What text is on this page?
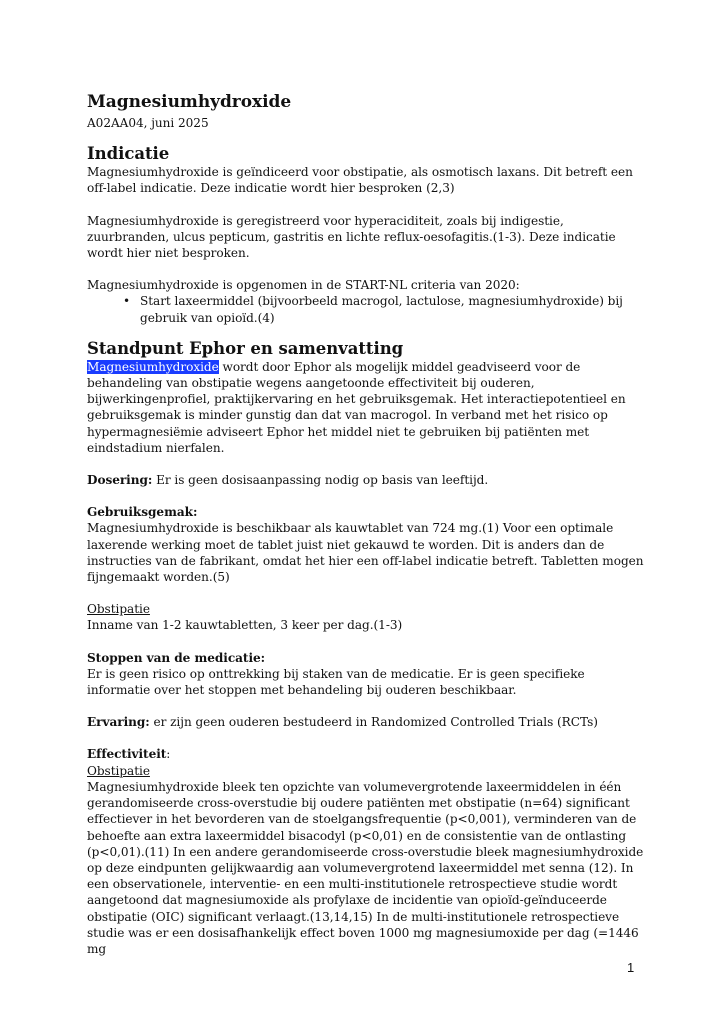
Magnesiumhydroxide

A02AA04, juni 2025

Indicatie

Magnesiumhydroxide is geïndiceerd voor obstipatie, als osmotisch laxans. Dit betreft een off-label indicatie. Deze indicatie wordt hier besproken (2,3)

Magnesiumhydroxide is geregistreerd voor hyperaciditeit, zoals bij indigestie, zuurbranden, ulcus pepticum, gastritis en lichte reflux-oesofagitis.(1-3). Deze indicatie wordt hier niet besproken.

Magnesiumhydroxide is opgenomen in de START-NL criteria van 2020:

• Start laxeermiddel (bijvoorbeeld macrogol, lactulose, magnesiumhydroxide) bij gebruik van opioïd.(4)
Standpunt Ephor en samenvatting

Magnesiumhydroxide wordt door Ephor als mogelijk middel geadviseerd voor de behandeling van obstipatie wegens aangetoonde effectiviteit bij ouderen, bijwerkingenprofiel, praktijkervaring en het gebruiksgemak. Het interactiepotentieel en gebruiksgemak is minder gunstig dan dat van macrogol. In verband met het risico op hypermagnesiëmie adviseert Ephor het middel niet te gebruiken bij patiënten met eindstadium nierfalen.

Dosering: Er is geen dosisaanpassing nodig op basis van leeftijd.

Gebruiksgemak:

Magnesiumhydroxide is beschikbaar als kauwtablet van 724 mg.(1) Voor een optimale laxerende werking moet de tablet juist niet gekauwd te worden. Dit is anders dan de instructies van de fabrikant, omdat het hier een off-label indicatie betreft. Tabletten mogen fijngemaakt worden.(5)

Obstipatie

Inname van 1-2 kauwtabletten, 3 keer per dag.(1-3)

Stoppen van de medicatie:

Er is geen risico op onttrekking bij staken van de medicatie. Er is geen specifieke informatie over het stoppen met behandeling bij ouderen beschikbaar.

Ervaring: er zijn geen ouderen bestudeerd in Randomized Controlled Trials (RCTs)

Effectiviteit:

Obstipatie

Magnesiumhydroxide bleek ten opzichte van volumevergrotende laxeermiddelen in één gerandomiseerde cross-overstudie bij oudere patiënten met obstipatie (n=64) significant effectiever in het bevorderen van de stoelgangsfrequentie (p<0,001), verminderen van de behoefte aan extra laxeermiddel bisacodyl (p<0,01) en de consistentie van de ontlasting (p<0,01).(11) In een andere gerandomiseerde cross-overstudie bleek magnesiumhydroxide op deze eindpunten gelijkwaardig aan volumevergrotend laxeermiddel met senna (12). In een observationele, interventie- en een multi-institutionele retrospectieve studie wordt aangetoond dat magnesiumoxide als profylaxe de incidentie van opioïd-geïnduceerde obstipatie (OIC) significant verlaagt.(13,14,15) In de multi-institutionele retrospectieve studie was er een dosisafhankelijk effect boven 1000 mg magnesiumoxide per dag (=1446 mg

1
